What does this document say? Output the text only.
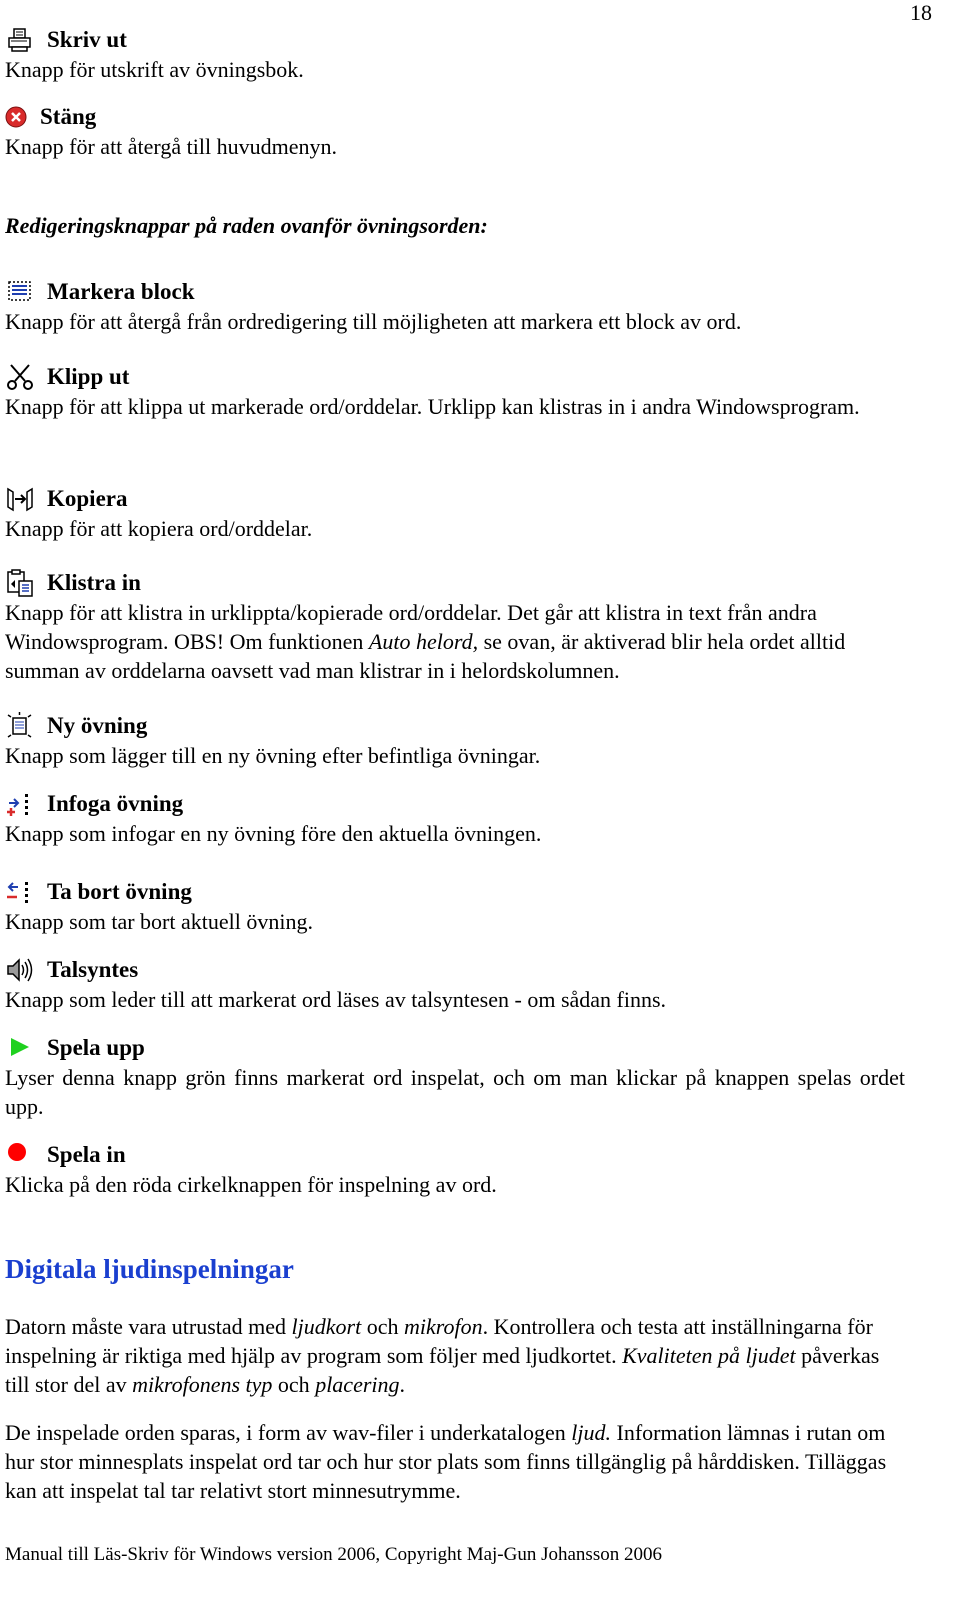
18
Skriv ut
Knapp för utskrift av övningsbok.
Stäng
Knapp för att återgå till huvudmenyn.
Redigeringsknappar på raden ovanför övningsorden:
Markera block
Knapp för att återgå från ordredigering till möjligheten att markera ett block av ord.
Klipp ut
Knapp för att klippa ut markerade ord/orddelar. Urklipp kan klistras in i andra Windowsprogram.
Kopiera
Knapp för att kopiera ord/orddelar.
Klistra in
Knapp för att klistra in urklippta/kopierade ord/orddelar. Det går att klistra in text från andra Windowsprogram. OBS! Om funktionen Auto helord, se ovan, är aktiverad blir hela ordet alltid summan av orddelarna oavsett vad man klistrar in i helordskolumnen.
Ny övning
Knapp som lägger till en ny övning efter befintliga övningar.
Infoga övning
Knapp som infogar en ny övning före den aktuella övningen.
Ta bort övning
Knapp som tar bort aktuell övning.
Talsyntes
Knapp som leder till att markerat ord läses av talsyntesen - om sådan finns.
Spela upp
Lyser denna knapp grön finns markerat ord inspelat, och om man klickar på knappen spelas ordet upp.
Spela in
Klicka på den röda cirkelknappen för inspelning av ord.
Digitala ljudinspelningar
Datorn måste vara utrustad med ljudkort och mikrofon. Kontrollera och testa att inställningarna för inspelning är riktiga med hjälp av program som följer med ljudkortet. Kvaliteten på ljudet påverkas till stor del av mikrofonens typ och placering.
De inspelade orden sparas, i form av wav-filer i underkatalogen ljud. Information lämnas i rutan om hur stor minnesplats inspelat ord tar och hur stor plats som finns tillgänglig på hårddisken. Tilläggas kan att inspelat tal tar relativt stort minnesutrymme.
Manual till Läs-Skriv för Windows version 2006, Copyright Maj-Gun Johansson 2006
